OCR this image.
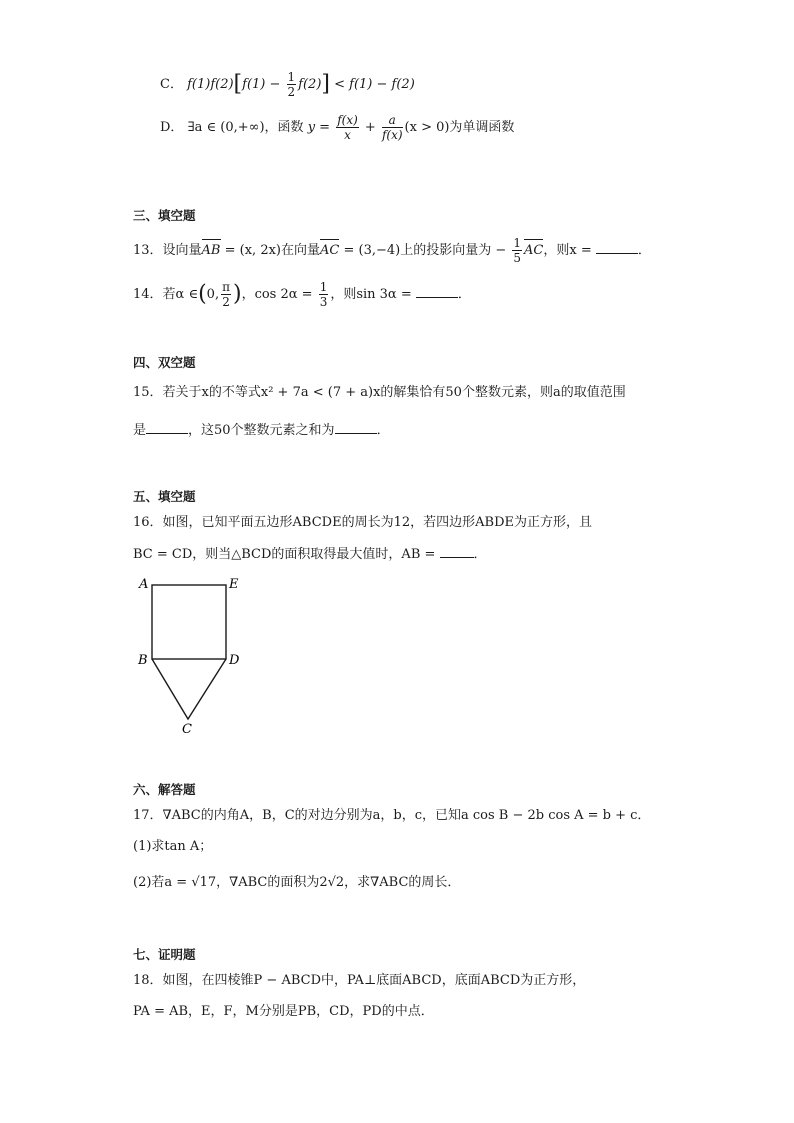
C． $f(1)f(2)[f(1) - \frac{1}{2} f(2)] < f(1) - f(2)$
D． ∃a ∈ (0,+∞)，函数 $y = \frac{f(x)}{x} + \frac{a}{f(x)} (x > 0)$为单调函数
三、填空题
13．设向量AB = (x, 2x)在向量AC = (3,−4)上的投影向量为 − $\frac{1}{5}$ AC，则x =	．
14．若α ∈(0, $\frac{\pi}{2}$ )，$\cos 2\alpha = \frac{1}{3}$ ，则sin 3α =	．
四、双空题
15．若关于x的不等式x² + 7a < (7 + a)x的解集恰有50个整数元素，则a的取值范围
是	，这50个整数元素之和为	．
五、填空题
16．如图，已知平面五边形ABCDE的周长为12，若四边形ABDE为正方形，且
BC = CD，则当△BCD的面积取得最大值时，AB =	．
A	E
B	D
C
六、解答题
17．∇ABC的内角A，B，C的对边分别为a，b，c，已知a cos B − 2b cos A = b + c．
(1)求tan A；
(2)若a = √17，∇ABC的面积为2√2，求∇ABC的周长．
七、证明题
18．如图，在四棱锥P − ABCD中，PA⊥底面ABCD，底面ABCD为正方形，
PA = AB，E，F，M分别是PB，CD，PD的中点．
